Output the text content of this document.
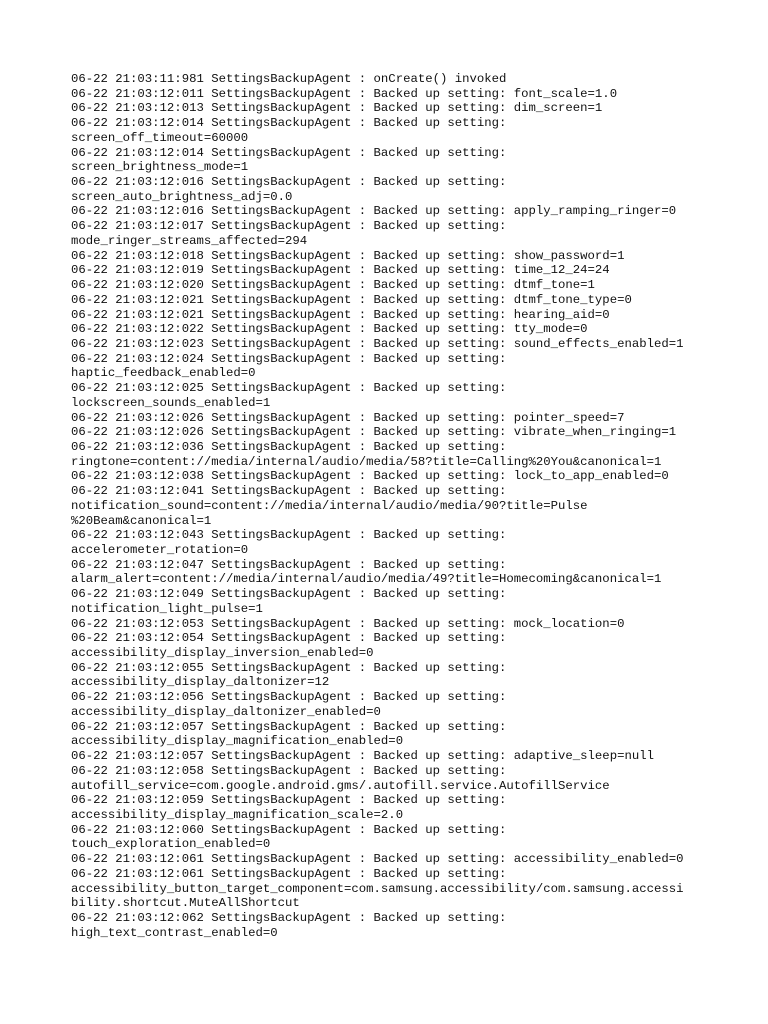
06-22 21:03:11:981 SettingsBackupAgent : onCreate() invoked
06-22 21:03:12:011 SettingsBackupAgent : Backed up setting: font_scale=1.0
06-22 21:03:12:013 SettingsBackupAgent : Backed up setting: dim_screen=1
06-22 21:03:12:014 SettingsBackupAgent : Backed up setting:
screen_off_timeout=60000
06-22 21:03:12:014 SettingsBackupAgent : Backed up setting:
screen_brightness_mode=1
06-22 21:03:12:016 SettingsBackupAgent : Backed up setting:
screen_auto_brightness_adj=0.0
06-22 21:03:12:016 SettingsBackupAgent : Backed up setting: apply_ramping_ringer=0
06-22 21:03:12:017 SettingsBackupAgent : Backed up setting:
mode_ringer_streams_affected=294
06-22 21:03:12:018 SettingsBackupAgent : Backed up setting: show_password=1
06-22 21:03:12:019 SettingsBackupAgent : Backed up setting: time_12_24=24
06-22 21:03:12:020 SettingsBackupAgent : Backed up setting: dtmf_tone=1
06-22 21:03:12:021 SettingsBackupAgent : Backed up setting: dtmf_tone_type=0
06-22 21:03:12:021 SettingsBackupAgent : Backed up setting: hearing_aid=0
06-22 21:03:12:022 SettingsBackupAgent : Backed up setting: tty_mode=0
06-22 21:03:12:023 SettingsBackupAgent : Backed up setting: sound_effects_enabled=1
06-22 21:03:12:024 SettingsBackupAgent : Backed up setting:
haptic_feedback_enabled=0
06-22 21:03:12:025 SettingsBackupAgent : Backed up setting:
lockscreen_sounds_enabled=1
06-22 21:03:12:026 SettingsBackupAgent : Backed up setting: pointer_speed=7
06-22 21:03:12:026 SettingsBackupAgent : Backed up setting: vibrate_when_ringing=1
06-22 21:03:12:036 SettingsBackupAgent : Backed up setting:
ringtone=content://media/internal/audio/media/58?title=Calling%20You&canonical=1
06-22 21:03:12:038 SettingsBackupAgent : Backed up setting: lock_to_app_enabled=0
06-22 21:03:12:041 SettingsBackupAgent : Backed up setting:
notification_sound=content://media/internal/audio/media/90?title=Pulse
%20Beam&canonical=1
06-22 21:03:12:043 SettingsBackupAgent : Backed up setting:
accelerometer_rotation=0
06-22 21:03:12:047 SettingsBackupAgent : Backed up setting:
alarm_alert=content://media/internal/audio/media/49?title=Homecoming&canonical=1
06-22 21:03:12:049 SettingsBackupAgent : Backed up setting:
notification_light_pulse=1
06-22 21:03:12:053 SettingsBackupAgent : Backed up setting: mock_location=0
06-22 21:03:12:054 SettingsBackupAgent : Backed up setting:
accessibility_display_inversion_enabled=0
06-22 21:03:12:055 SettingsBackupAgent : Backed up setting:
accessibility_display_daltonizer=12
06-22 21:03:12:056 SettingsBackupAgent : Backed up setting:
accessibility_display_daltonizer_enabled=0
06-22 21:03:12:057 SettingsBackupAgent : Backed up setting:
accessibility_display_magnification_enabled=0
06-22 21:03:12:057 SettingsBackupAgent : Backed up setting: adaptive_sleep=null
06-22 21:03:12:058 SettingsBackupAgent : Backed up setting:
autofill_service=com.google.android.gms/.autofill.service.AutofillService
06-22 21:03:12:059 SettingsBackupAgent : Backed up setting:
accessibility_display_magnification_scale=2.0
06-22 21:03:12:060 SettingsBackupAgent : Backed up setting:
touch_exploration_enabled=0
06-22 21:03:12:061 SettingsBackupAgent : Backed up setting: accessibility_enabled=0
06-22 21:03:12:061 SettingsBackupAgent : Backed up setting:
accessibility_button_target_component=com.samsung.accessibility/com.samsung.accessi
bility.shortcut.MuteAllShortcut
06-22 21:03:12:062 SettingsBackupAgent : Backed up setting:
high_text_contrast_enabled=0
